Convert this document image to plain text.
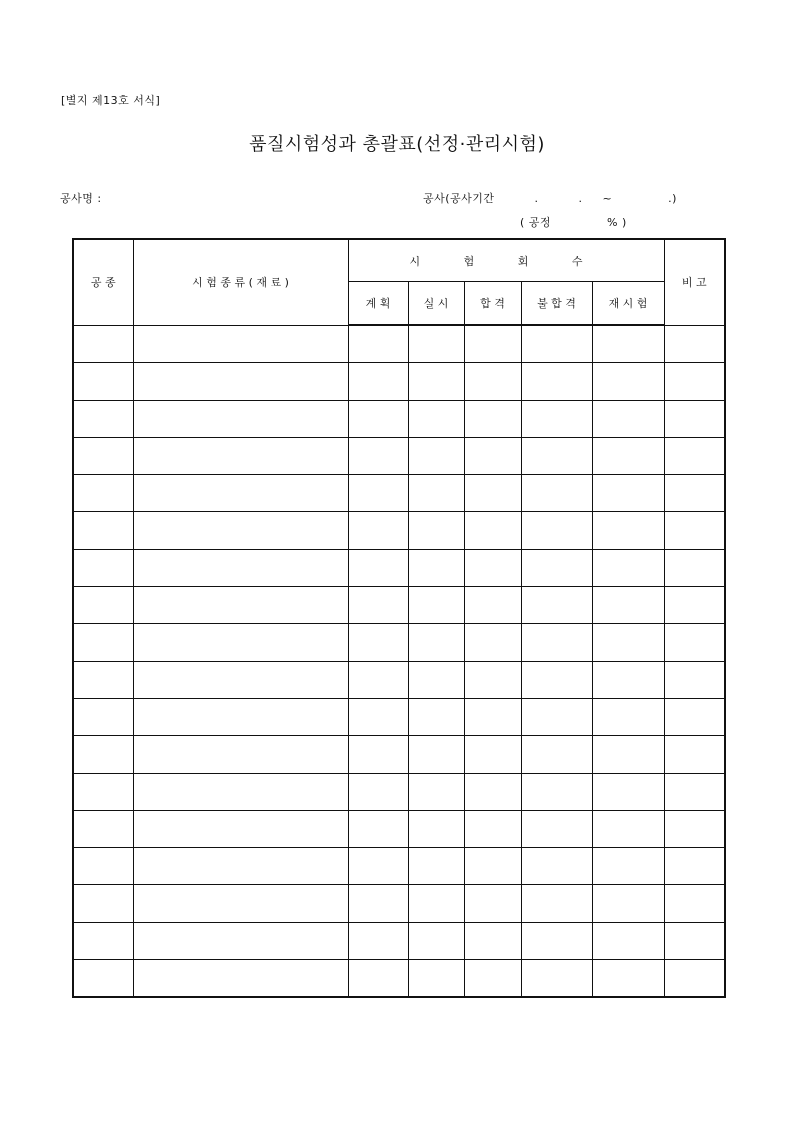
[별지 제13호 서식]
품질시험성과 총괄표(선정·관리시험)
공사명 :	공사(공사기간          .          .     ~              .)
( 공정              % )
공 종	시 험 종 류 ( 재 료 )	시 험 회 수					비 고
		계 획	실 시	합 격	불 합 격	재 시 험	
